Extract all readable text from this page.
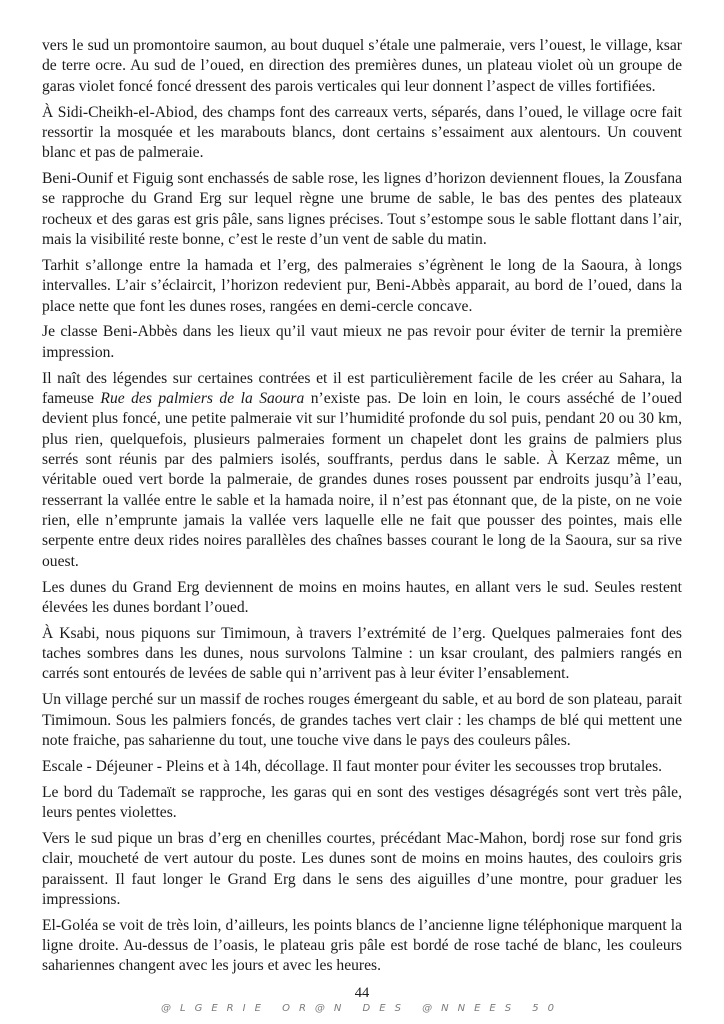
vers le sud un promontoire saumon, au bout duquel s’étale une palmeraie, vers l’ouest, le village, ksar de terre ocre. Au sud de l’oued, en direction des premières dunes, un plateau violet où un groupe de garas violet foncé foncé dressent des parois verticales qui leur donnent l’aspect de villes fortifiées.

À Sidi-Cheikh-el-Abiod, des champs font des carreaux verts, séparés, dans l’oued, le village ocre fait ressortir la mosquée et les marabouts blancs, dont certains s’essaiment aux alentours. Un couvent blanc et pas de palmeraie.

Beni-Ounif et Figuig sont enchassés de sable rose, les lignes d’horizon deviennent floues, la Zousfana se rapproche du Grand Erg sur lequel règne une brume de sable, le bas des pentes des plateaux rocheux et des garas est gris pâle, sans lignes précises. Tout s’estompe sous le sable flottant dans l’air, mais la visibilité reste bonne, c’est le reste d’un vent de sable du matin.

Tarhit s’allonge entre la hamada et l’erg, des palmeraies s’égrènent le long de la Saoura, à longs intervalles. L’air s’éclaircit, l’horizon redevient pur, Beni-Abbès apparait, au bord de l’oued, dans la place nette que font les dunes roses, rangées en demi-cercle concave.

Je classe Beni-Abbès dans les lieux qu’il vaut mieux ne pas revoir pour éviter de ternir la première impression.

Il naît des légendes sur certaines contrées et il est particulièrement facile de les créer au Sahara, la fameuse Rue des palmiers de la Saoura n’existe pas. De loin en loin, le cours asséché de l’oued devient plus foncé, une petite palmeraie vit sur l’humidité profonde du sol puis, pendant 20 ou 30 km, plus rien, quelquefois, plusieurs palmeraies forment un chapelet dont les grains de palmiers plus serrés sont réunis par des palmiers isolés, souffrants, perdus dans le sable. À Kerzaz même, un véritable oued vert borde la palmeraie, de grandes dunes roses poussent par endroits jusqu’à l’eau, resserrant la vallée entre le sable et la hamada noire, il n’est pas étonnant que, de la piste, on ne voie rien, elle n’emprunte jamais la vallée vers laquelle elle ne fait que pousser des pointes, mais elle serpente entre deux rides noires parallèles des chaînes basses courant le long de la Saoura, sur sa rive ouest.

Les dunes du Grand Erg deviennent de moins en moins hautes, en allant vers le sud. Seules restent élevées les dunes bordant l’oued.

À Ksabi, nous piquons sur Timimoun, à travers l’extrémité de l’erg. Quelques palmeraies font des taches sombres dans les dunes, nous survolons Talmine : un ksar croulant, des palmiers rangés en carrés sont entourés de levées de sable qui n’arrivent pas à leur éviter l’ensablement.

Un village perché sur un massif de roches rouges émergeant du sable, et au bord de son plateau, parait Timimoun. Sous les palmiers foncés, de grandes taches vert clair : les champs de blé qui mettent une note fraiche, pas saharienne du tout, une touche vive dans le pays des couleurs pâles.

Escale - Déjeuner - Pleins et à 14h, décollage. Il faut monter pour éviter les secousses trop brutales.

Le bord du Tademaït se rapproche, les garas qui en sont des vestiges désagrégés sont vert très pâle, leurs pentes violettes.

Vers le sud pique un bras d’erg en chenilles courtes, précédant Mac-Mahon, bordj rose sur fond gris clair, moucheté de vert autour du poste. Les dunes sont de moins en moins hautes, des couloirs gris paraissent. Il faut longer le Grand Erg dans le sens des aiguilles d’une montre, pour graduer les impressions.

El-Goléa se voit de très loin, d’ailleurs, les points blancs de l’ancienne ligne téléphonique marquent la ligne droite. Au-dessus de l’oasis, le plateau gris pâle est bordé de rose taché de blanc, les couleurs sahariennes changent avec les jours et avec les heures.

44
@LGERIE OR@N DES @NNEES 50
